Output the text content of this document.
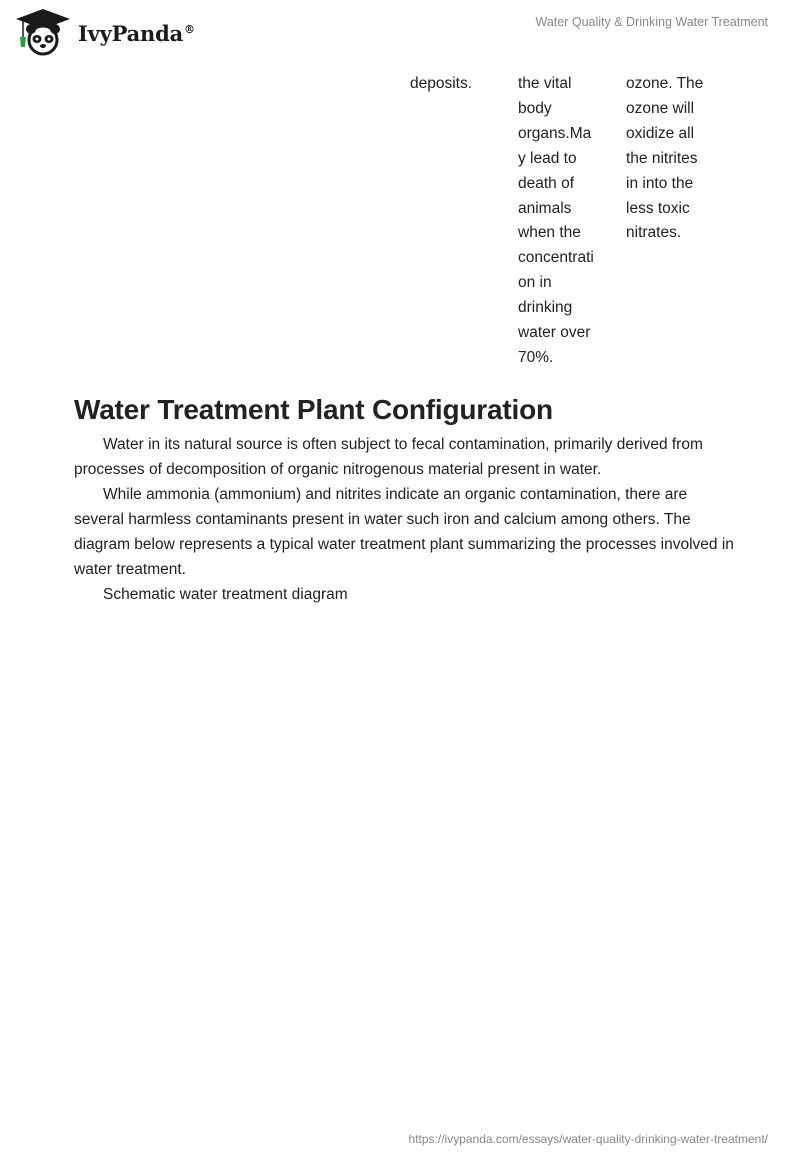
IvyPanda®	Water Quality & Drinking Water Treatment
deposits.	the vital
body
organs.Ma
y lead to
death of
animals
when the
concentrati
on in
drinking
water over
70%.
ozone. The
ozone will
oxidize all
the nitrites
in into the
less toxic
nitrates.
Water Treatment Plant Configuration

Water in its natural source is often subject to fecal contamination, primarily derived from processes of decomposition of organic nitrogenous material present in water.

While ammonia (ammonium) and nitrites indicate an organic contamination, there are several harmless contaminants present in water such iron and calcium among others. The diagram below represents a typical water treatment plant summarizing the processes involved in water treatment.

Schematic water treatment diagram

https://ivypanda.com/essays/water-quality-drinking-water-treatment/
